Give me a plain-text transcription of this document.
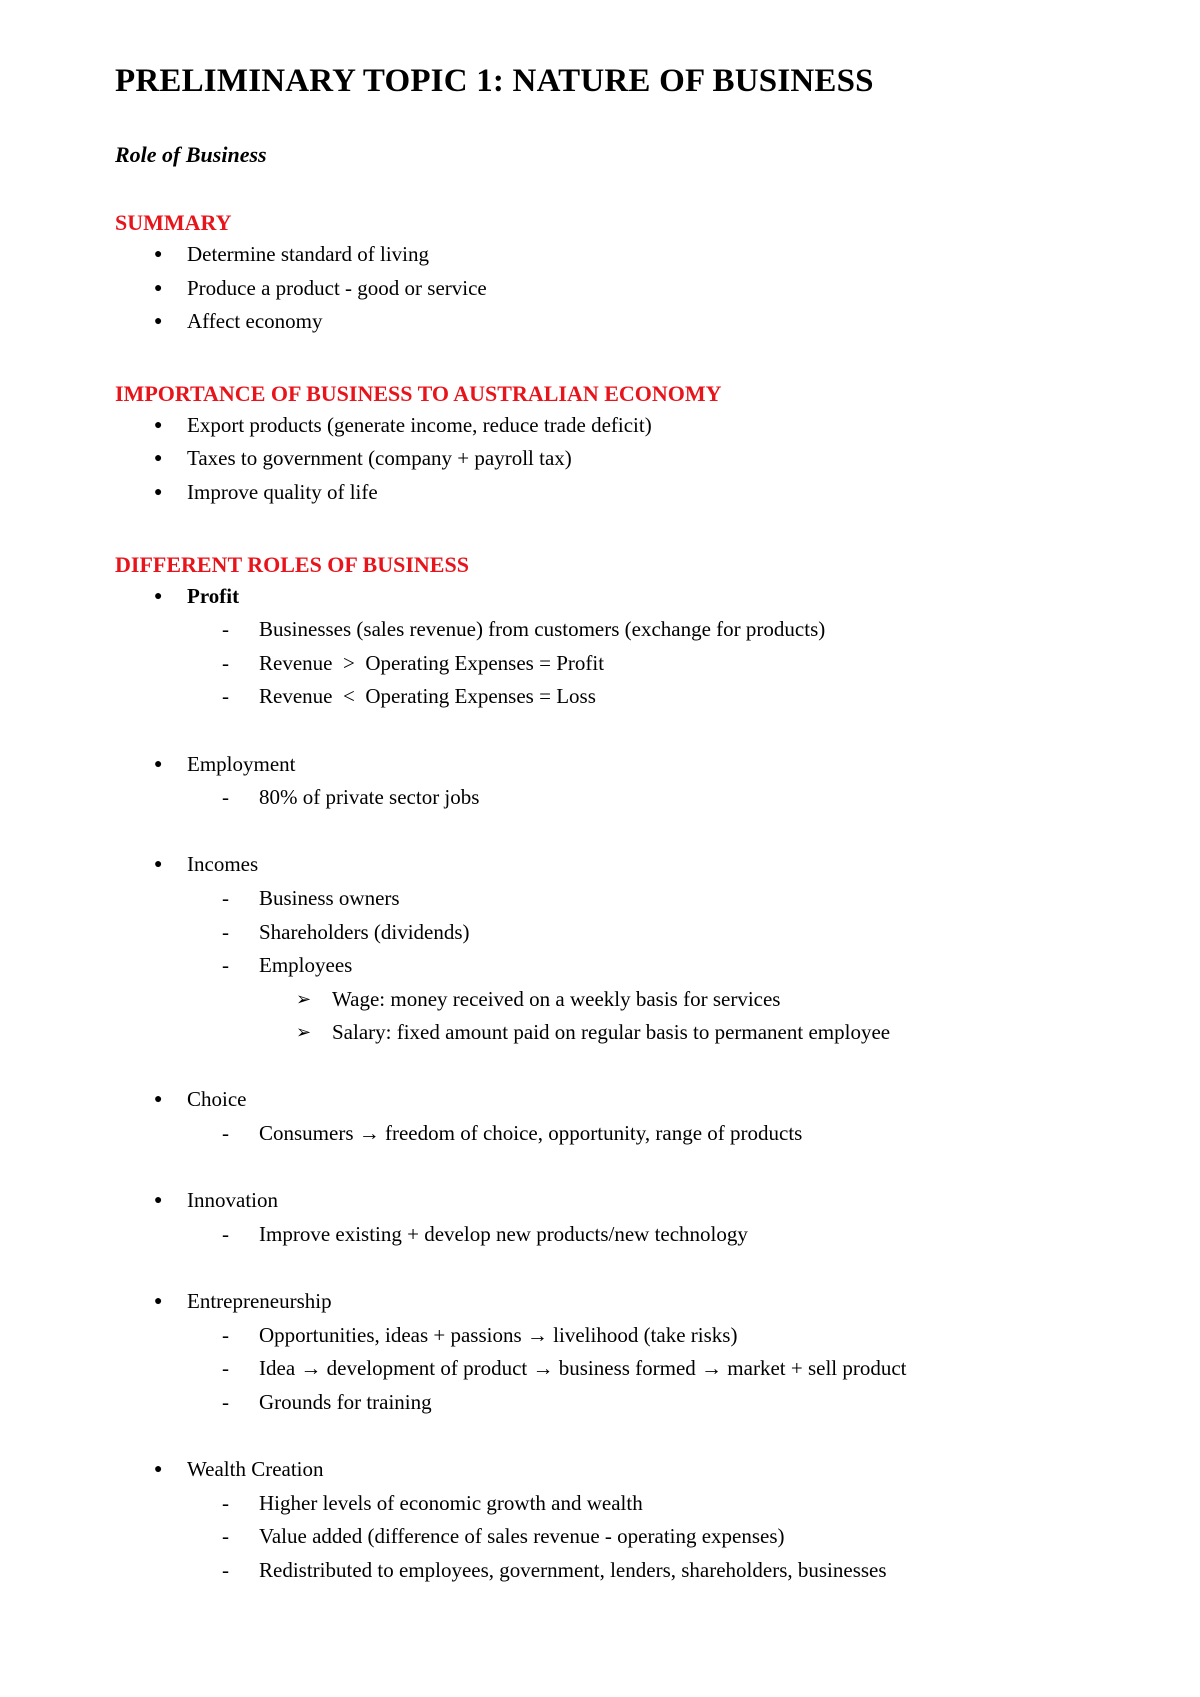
PRELIMINARY TOPIC 1: NATURE OF BUSINESS
Role of Business
SUMMARY
● Determine standard of living
● Produce a product - good or service
● Affect economy
IMPORTANCE OF BUSINESS TO AUSTRALIAN ECONOMY
● Export products (generate income, reduce trade deficit)
● Taxes to government (company + payroll tax)
● Improve quality of life
DIFFERENT ROLES OF BUSINESS
● Profit
- Businesses (sales revenue) from customers (exchange for products)
- Revenue  >  Operating Expenses = Profit
- Revenue  <  Operating Expenses = Loss
● Employment
- 80% of private sector jobs
● Incomes
- Business owners
- Shareholders (dividends)
- Employees
➢ Wage: money received on a weekly basis for services
➢ Salary: fixed amount paid on regular basis to permanent employee
● Choice
- Consumers → freedom of choice, opportunity, range of products
● Innovation
- Improve existing + develop new products/new technology
● Entrepreneurship
- Opportunities, ideas + passions → livelihood (take risks)
- Idea → development of product → business formed → market + sell product
- Grounds for training
● Wealth Creation
- Higher levels of economic growth and wealth
- Value added (difference of sales revenue - operating expenses)
- Redistributed to employees, government, lenders, shareholders, businesses
